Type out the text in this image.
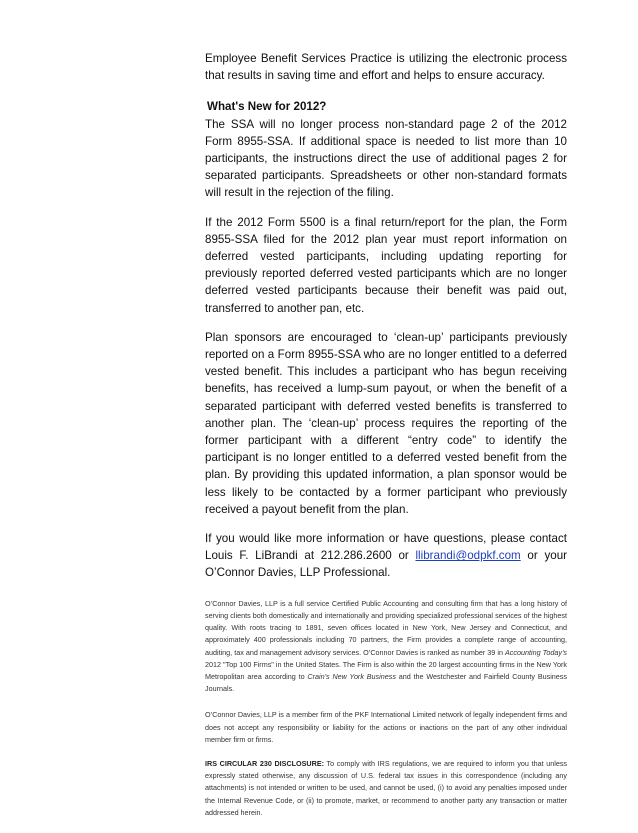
Employee Benefit Services Practice is utilizing the electronic process that results in saving time and effort and helps to ensure accuracy.

What's New for 2012?

The SSA will no longer process non-standard page 2 of the 2012 Form 8955-SSA. If additional space is needed to list more than 10 participants, the instructions direct the use of additional pages 2 for separated participants. Spreadsheets or other non-standard formats will result in the rejection of the filing.

If the 2012 Form 5500 is a final return/report for the plan, the Form 8955-SSA filed for the 2012 plan year must report information on deferred vested participants, including updating reporting for previously reported deferred vested participants which are no longer deferred vested participants because their benefit was paid out, transferred to another pan, etc.

Plan sponsors are encouraged to ‘clean-up’ participants previously reported on a Form 8955-SSA who are no longer entitled to a deferred vested benefit. This includes a participant who has begun receiving benefits, has received a lump-sum payout, or when the benefit of a separated participant with deferred vested benefits is transferred to another plan. The ‘clean-up’ process requires the reporting of the former participant with a different “entry code” to identify the participant is no longer entitled to a deferred vested benefit from the plan. By providing this updated information, a plan sponsor would be less likely to be contacted by a former participant who previously received a payout benefit from the plan.

If you would like more information or have questions, please contact Louis F. LiBrandi at 212.286.2600 or llibrandi@odpkf.com or your O’Connor Davies, LLP Professional.

O’Connor Davies, LLP is a full service Certified Public Accounting and consulting firm that has a long history of serving clients both domestically and internationally and providing specialized professional services of the highest quality. With roots tracing to 1891, seven offices located in New York, New Jersey and Connecticut, and approximately 400 professionals including 70 partners, the Firm provides a complete range of accounting, auditing, tax and management advisory services. O’Connor Davies is ranked as number 39 in Accounting Today’s 2012 "Top 100 Firms" in the United States. The Firm is also within the 20 largest accounting firms in the New York Metropolitan area according to Crain’s New York Business and the Westchester and Fairfield County Business Journals.

O’Connor Davies, LLP is a member firm of the PKF International Limited network of legally independent firms and does not accept any responsibility or liability for the actions or inactions on the part of any other individual member firm or firms.

IRS CIRCULAR 230 DISCLOSURE: To comply with IRS regulations, we are required to inform you that unless expressly stated otherwise, any discussion of U.S. federal tax issues in this correspondence (including any attachments) is not intended or written to be used, and cannot be used, (i) to avoid any penalties imposed under the Internal Revenue Code, or (ii) to promote, market, or recommend to another party any transaction or matter addressed herein.
